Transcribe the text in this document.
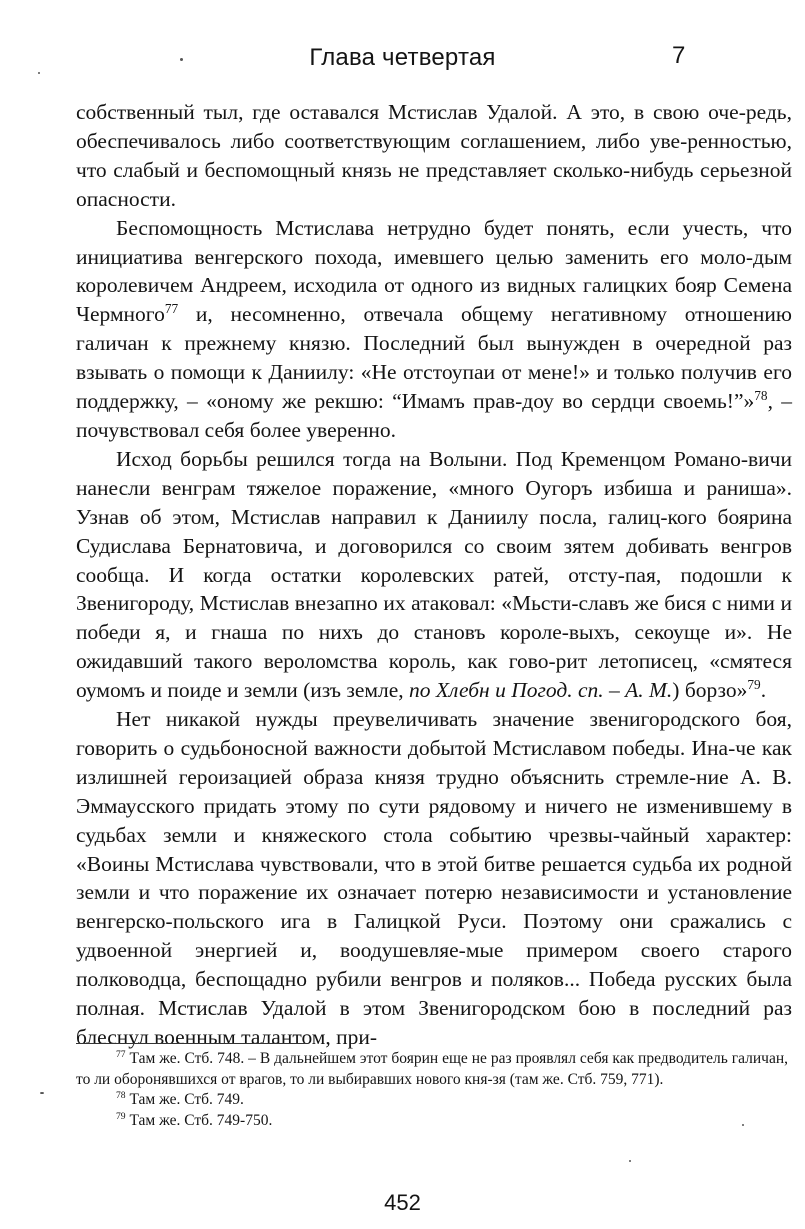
Глава четвертая	7

собственный тыл, где оставался Мстислав Удалой. А это, в свою оче-редь, обеспечивалось либо соответствующим соглашением, либо уве-ренностью, что слабый и беспомощный князь не представляет сколько-нибудь серьезной опасности.

Беспомощность Мстислава нетрудно будет понять, если учесть, что инициатива венгерского похода, имевшего целью заменить его моло-дым королевичем Андреем, исходила от одного из видных галицких бояр Семена Чермного$^{77}$ и, несомненно, отвечала общему негативному отношению галичан к прежнему князю. Последний был вынужден в очередной раз взывать о помощи к Даниилу: «Не отстоупаи от мене!» и только получив его поддержку, – «оному же рекшю: “Имамъ прав-доу во сердци своемь!”»$^{78}$, – почувствовал себя более уверенно.

Исход борьбы решился тогда на Волыни. Под Кременцом Романо-вичи нанесли венграм тяжелое поражение, «много Оугоръ избиша и раниша». Узнав об этом, Мстислав направил к Даниилу посла, галиц-кого боярина Судислава Бернатовича, и договорился со своим зятем добивать венгров сообща. И когда остатки королевских ратей, отсту-пая, подошли к Звенигороду, Мстислав внезапно их атаковал: «Мьсти-славъ же бися с ними и победи я, и гнаша по нихъ до становъ короле-выхъ, секоуще и». Не ожидавший такого вероломства король, как гово-рит летописец, «смятеся оумомъ и поиде и земли (изъ земле, по Хлебн и Погод. сп. – А. М.) борзо»$^{79}$.

Нет никакой нужды преувеличивать значение звенигородского боя, говорить о судьбоносной важности добытой Мстиславом победы. Ина-че как излишней героизацией образа князя трудно объяснить стремле-ние А. В. Эммаусского придать этому по сути рядовому и ничего не изменившему в судьбах земли и княжеского стола событию чрезвы-чайный характер: «Воины Мстислава чувствовали, что в этой битве решается судьба их родной земли и что поражение их означает потерю независимости и установление венгерско-польского ига в Галицкой Руси. Поэтому они сражались с удвоенной энергией и, воодушевляе-мые примером своего старого полководца, беспощадно рубили венгров и поляков... Победа русских была полная. Мстислав Удалой в этом Звенигородском бою в последний раз блеснул военным талантом, при-

$^{77}$ Там же. Стб. 748. – В дальнейшем этот боярин еще не раз проявлял себя как предводитель галичан, то ли оборонявшихся от врагов, то ли выбиравших нового кня-зя (там же. Стб. 759, 771).

$^{78}$ Там же. Стб. 749.

$^{79}$ Там же. Стб. 749-750.

452
